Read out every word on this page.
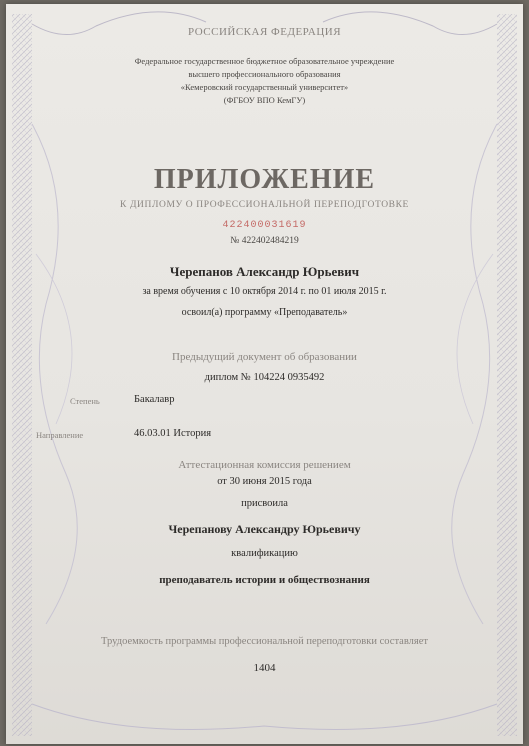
РОССИЙСКАЯ ФЕДЕРАЦИЯ
Федеральное государственное бюджетное образовательное учреждение
высшего профессионального образования
«Кемеровский государственный университет»
(ФГБОУ ВПО КемГУ)
ПРИЛОЖЕНИЕ
К ДИПЛОМУ О ПРОФЕССИОНАЛЬНОЙ ПЕРЕПОДГОТОВКЕ
422400031619
№ 422402484219
Черепанов Александр Юрьевич
за время обучения с 10 октября 2014 г. по 01 июля 2015 г.
освоил(а) программу «Преподаватель»
Предыдущий документ об образовании
диплом № 104224 0935492
Степень	Бакалавр
Направление	46.03.01 История
Аттестационная комиссия решением
от 30 июня 2015 года
присвоила
Черепанову Александру Юрьевичу
квалификацию
преподаватель истории и обществознания
Трудоемкость программы профессиональной переподготовки составляет
1404
